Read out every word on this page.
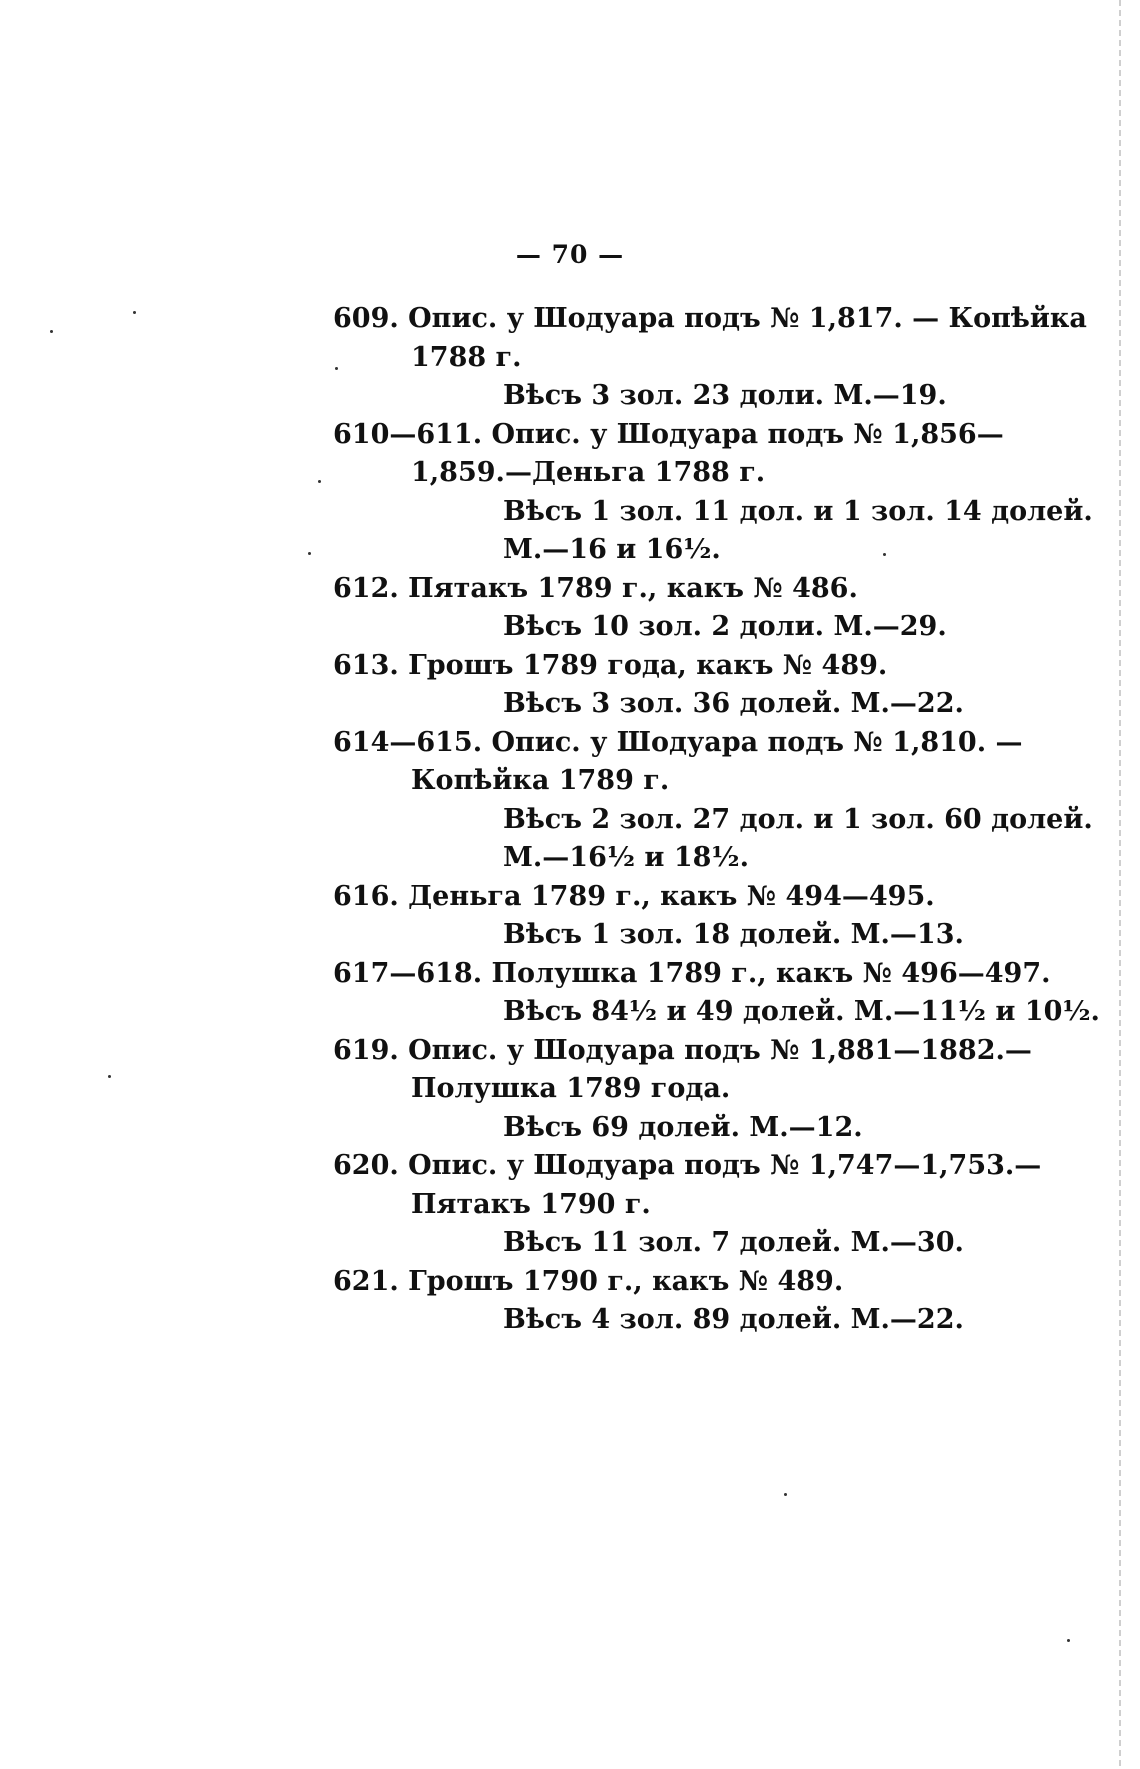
— 70 —
609. Опис. у Шодуара подъ № 1,817. — Копѣйка
1788 г.
Вѣсъ 3 зол. 23 доли. М.—19.
610—611. Опис. у Шодуара подъ № 1,856—
1,859.—Деньга 1788 г.
Вѣсъ 1 зол. 11 дол. и 1 зол. 14 долей.
М.—16 и 16½.
612. Пятакъ 1789 г., какъ № 486.
Вѣсъ 10 зол. 2 доли. М.—29.
613. Грошъ 1789 года, какъ № 489.
Вѣсъ 3 зол. 36 долей. М.—22.
614—615. Опис. у Шодуара подъ № 1,810. —
Копѣйка 1789 г.
Вѣсъ 2 зол. 27 дол. и 1 зол. 60 долей.
М.—16½ и 18½.
616. Деньга 1789 г., какъ № 494—495.
Вѣсъ 1 зол. 18 долей. М.—13.
617—618. Полушка 1789 г., какъ № 496—497.
Вѣсъ 84½ и 49 долей. М.—11½ и 10½.
619. Опис. у Шодуара подъ № 1,881—1882.—
Полушка 1789 года.
Вѣсъ 69 долей. М.—12.
620. Опис. у Шодуара подъ № 1,747—1,753.—
Пятакъ 1790 г.
Вѣсъ 11 зол. 7 долей. М.—30.
621. Грошъ 1790 г., какъ № 489.
Вѣсъ 4 зол. 89 долей. М.—22.
